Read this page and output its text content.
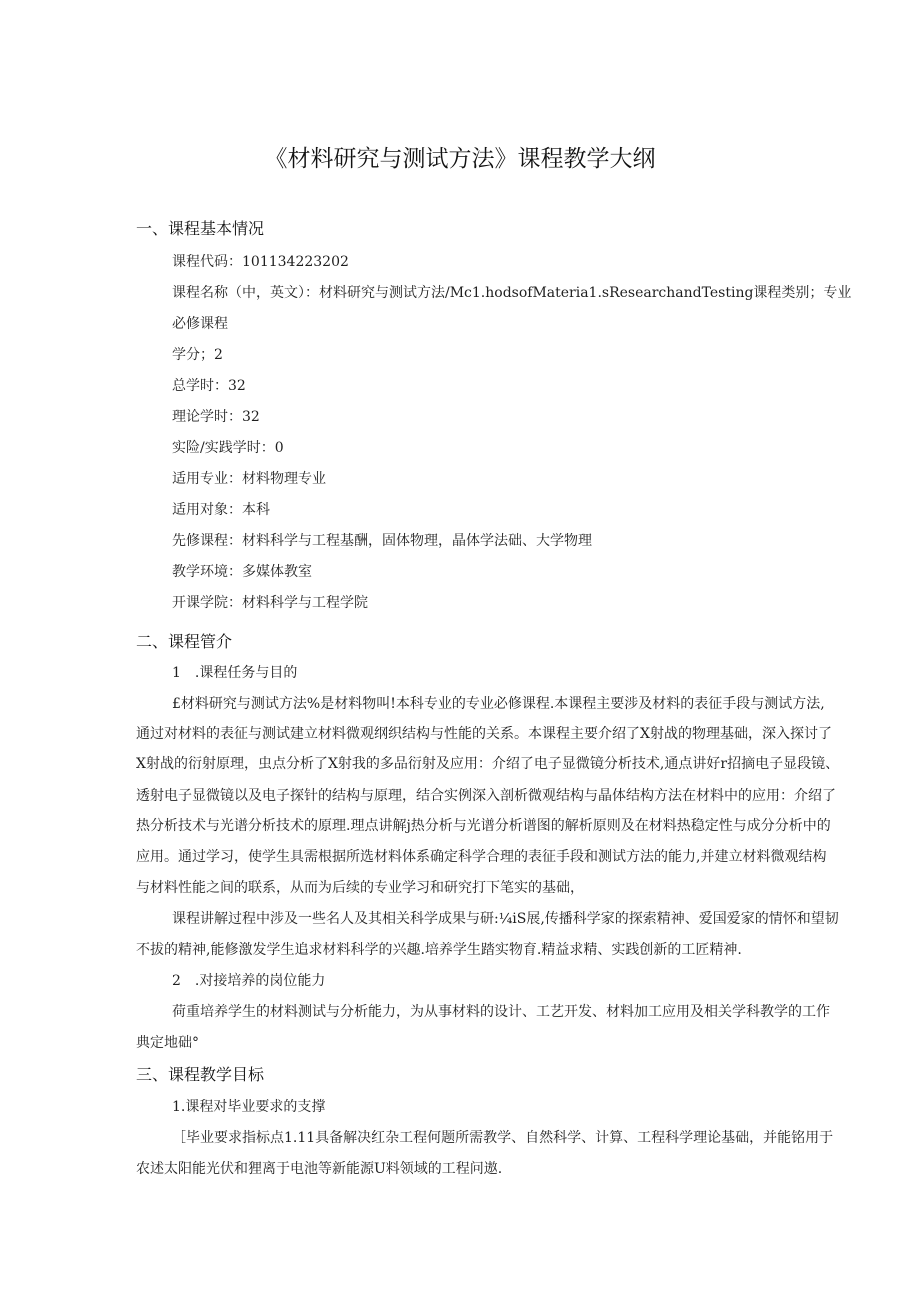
《材料研究与测试方法》课程教学大纲
一、课程基本情况
课程代码：101134223202
课程名称（中，英文）：材料研究与测试方法/Mc1.hodsofMateria1.sResearchandTesting课程类别；专业
必修课程
学分；2
总学时：32
理论学时：32
实险/实践学时：0
适用专业：材料物理专业
适用对象：本科
先修课程：材料科学与工程基酬，固体物理，晶体学法础、大学物理
教学环境：多媒体教室
开课学院：材料科学与工程学院
二、课程管介
1　.课程任务与目的
£材料研究与测试方法%是材料物叫!本科专业的专业必修课程.本课程主要涉及材料的表征手段与测试方法,
通过对材料的表征与测试建立材料微观纲织结构与性能的关系。本课程主要介绍了X射战的物理基础，深入探讨了
X射战的衍射原理，虫点分析了X射我的多品衍射及应用：介绍了电子显微镜分析技术,通点讲好r招摘电子显段镜、
透射电子显微镜以及电子探针的结构与原理，结合实例深入剖析微观结构与晶体结构方法在材料中的应用：介绍了
热分析技术与光谱分析技术的原理.理点讲解j热分析与光谱分析谱图的解析原则及在材料热稳定性与成分分析中的
应用。通过学习，使学生具需根据所选材料体系确定科学合理的表征手段和测试方法的能力,并建立材料微观结构
与材料性能之间的联系，从而为后续的专业学习和研究打下笔实的基础，
课程讲解过程中涉及一些名人及其相关科学成果与研:¼iS展,传播科学家的探索精神、爱国爱家的情怀和望韧
不拔的精神,能修激发学生追求材料科学的兴趣.培养学生踏实物育.精益求精、实践创新的工匠精神.
2　.对接培养的岗位能力
荷重培养学生的材料测试与分析能力，为从事材料的设计、工艺开发、材料加工应用及相关学科教学的工作
典定地础°
三、课程教学目标
1.课程对毕业要求的支撑
［毕业要求指标点1.11具备解决红杂工程何题所需教学、自然科学、计算、工程科学理论基础，并能铭用于
农述太阳能光伏和狸离于电池等新能源U料领域的工程问遨.
